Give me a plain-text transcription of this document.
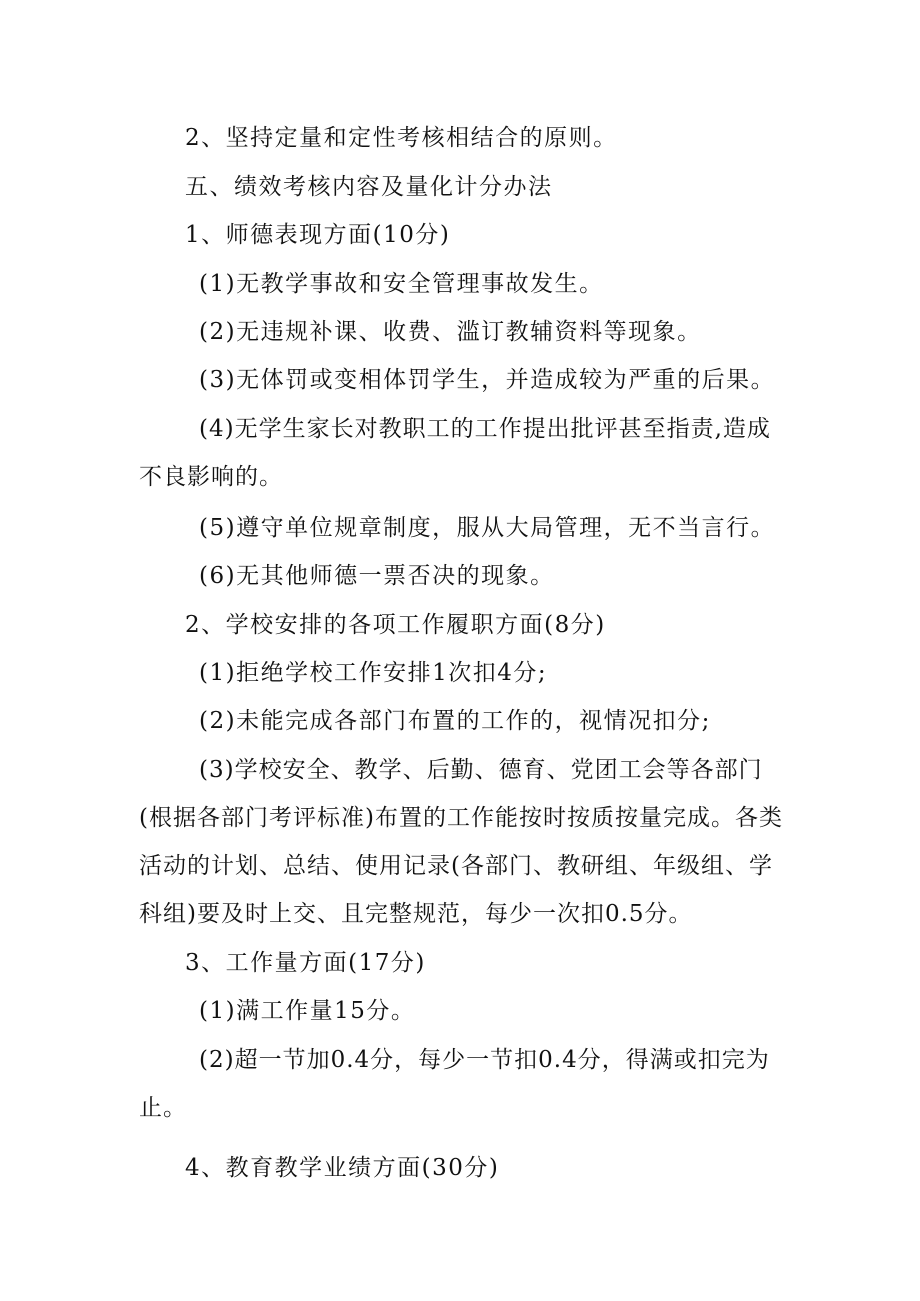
2、坚持定量和定性考核相结合的原则。
五、绩效考核内容及量化计分办法
1、师德表现方面(10分)
(1)无教学事故和安全管理事故发生。
(2)无违规补课、收费、滥订教辅资料等现象。
(3)无体罚或变相体罚学生，并造成较为严重的后果。
(4)无学生家长对教职工的工作提出批评甚至指责,造成不良影响的。
(5)遵守单位规章制度，服从大局管理，无不当言行。
(6)无其他师德一票否决的现象。
2、学校安排的各项工作履职方面(8分)
(1)拒绝学校工作安排1次扣4分;
(2)未能完成各部门布置的工作的，视情况扣分;
(3)学校安全、教学、后勤、德育、党团工会等各部门(根据各部门考评标准)布置的工作能按时按质按量完成。各类活动的计划、总结、使用记录(各部门、教研组、年级组、学科组)要及时上交、且完整规范，每少一次扣0.5分。
3、工作量方面(17分)
(1)满工作量15分。
(2)超一节加0.4分，每少一节扣0.4分，得满或扣完为止。
4、教育教学业绩方面(30分)
